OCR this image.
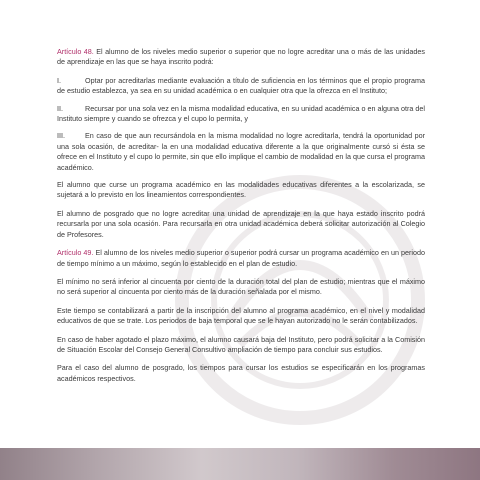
Artículo 48. El alumno de los niveles medio superior o superior que no logre acreditar una o más de las unidades de aprendizaje en las que se haya inscrito podrá:

I.	Optar por acreditarlas mediante evaluación a título de suficiencia en los términos que el propio programa de estudio establezca, ya sea en su unidad académica o en cualquier otra que la ofrezca en el Instituto;

II.	Recursar por una sola vez en la misma modalidad educativa, en su unidad académica o en alguna otra del Instituto siempre y cuando se ofrezca y el cupo lo permita, y

III.	En caso de que aun recursándola en la misma modalidad no logre acreditarla, tendrá la oportunidad por una sola ocasión, de acreditar- la en una modalidad educativa diferente a la que originalmente cursó si ésta se ofrece en el Instituto y el cupo lo permite, sin que ello implique el cambio de modalidad en la que cursa el programa académico.

El alumno que curse un programa académico en las modalidades educativas diferentes a la escolarizada, se sujetará a lo previsto en los lineamientos correspondientes.

El alumno de posgrado que no logre acreditar una unidad de aprendizaje en la que haya estado inscrito podrá recursarla por una sola ocasión. Para recursarla en otra unidad académica deberá solicitar autorización al Colegio de Profesores.

Artículo 49. El alumno de los niveles medio superior o superior podrá cursar un programa académico en un periodo de tiempo mínimo a un máximo, según lo establecido en el plan de estudio.

El mínimo no será inferior al cincuenta por ciento de la duración total del plan de estudio; mientras que el máximo no será superior al cincuenta por ciento más de la duración señalada por el mismo.

Este tiempo se contabilizará a partir de la inscripción del alumno al programa académico, en el nivel y modalidad educativos de que se trate. Los periodos de baja temporal que se le hayan autorizado no le serán contabilizados.

En caso de haber agotado el plazo máximo, el alumno causará baja del Instituto, pero podrá solicitar a la Comisión de Situación Escolar del Consejo General Consultivo ampliación de tiempo para concluir sus estudios.

Para el caso del alumno de posgrado, los tiempos para cursar los estudios se especificarán en los programas académicos respectivos.
